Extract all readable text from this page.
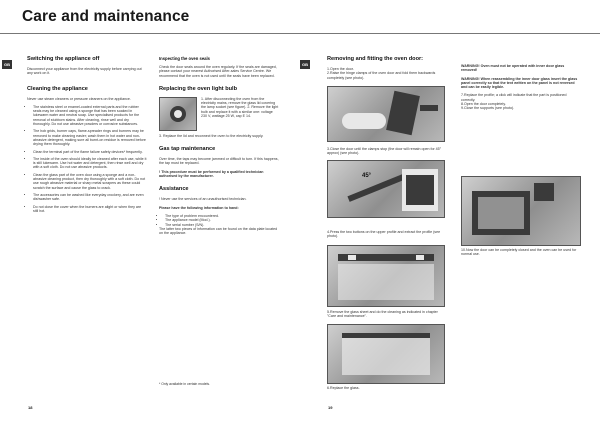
Care and maintenance
GB	GB
Switching the appliance off
Disconnect your appliance from the electricity supply before carrying out any work on it.
Cleaning the appliance
Never use steam cleaners or pressure cleaners on the appliance.
• The stainless steel or enamel-coated external parts and the rubber seals may be cleaned using a sponge that has been soaked in lukewarm water and neutral soap. Use specialised products for the removal of stubborn stains. After cleaning, rinse well and dry thoroughly. Do not use abrasive powders or corrosive substances.
• The hob grids, burner caps, flame-spreader rings and burners may be removed to make cleaning easier; wash them in hot water and non-abrasive detergent, making sure all burnt-on residue is removed before drying them thoroughly.
• Clean the terminal part of the flame failure safety devices* frequently.
• The inside of the oven should ideally be cleaned after each use, while it is still lukewarm. Use hot water and detergent, then rinse well and dry with a soft cloth. Do not use abrasive products.
• Clean the glass part of the oven door using a sponge and a non-abrasive cleaning product, then dry thoroughly with a soft cloth. Do not use rough abrasive material or sharp metal scrapers as these could scratch the surface and cause the glass to crack.
• The accessories can be washed like everyday crockery, and are even dishwasher safe.
• Do not close the cover when the burners are alight or when they are still hot.
Inspecting the oven seals
Check the door seals around the oven regularly. If the seals are damaged, please contact your nearest Authorised After-sales Service Centre. We recommend that the oven is not used until the seals have been replaced.
Replacing the oven light bulb
1. After disconnecting the oven from the electricity mains, remove the glass lid covering the lamp socket (see figure). 2. Remove the light bulb and replace it with a similar one: voltage 230 V, wattage 25 W, cap E 14.
3. Replace the lid and reconnect the oven to the electricity supply.
Gas tap maintenance
Over time, the taps may become jammed or difficult to turn. If this happens, the tap must be replaced.
! This procedure must be performed by a qualified technician authorised by the manufacturer.
Assistance
! Never use the services of an unauthorised technician.
Please have the following information to hand:
• The type of problem encountered.
• The appliance model (Mod.).
• The serial number (S/N).
The latter two pieces of information can be found on the data plate located on the appliance.
* Only available in certain models.
18
Removing and fitting the oven door:
1.Open the door.
2.Raise the hinge clamps of the oven door and fold them backwards completely (see photo).
3.Close the door until the clamps stop (the door will remain open for 45° approx) (see photo).
45°
4.Press the two buttons on the upper profile and extract the profile (see photo).
5.Remove the glass sheet and do the cleaning as indicated in chapter "Care and maintenance".
6.Replace the glass.
WARNING! Oven must not be operated with inner door glass removed!
WARNING! When reassembling the inner door glass insert the glass panel correctly so that the text written on the panel is not reversed and can be easily legible.
7.Replace the profile; a click will indicate that the part is positioned correctly.
8.Open the door completely.
9.Close the supports (see photo).
10.Now the door can be completely closed and the oven can be used for normal use.
19
